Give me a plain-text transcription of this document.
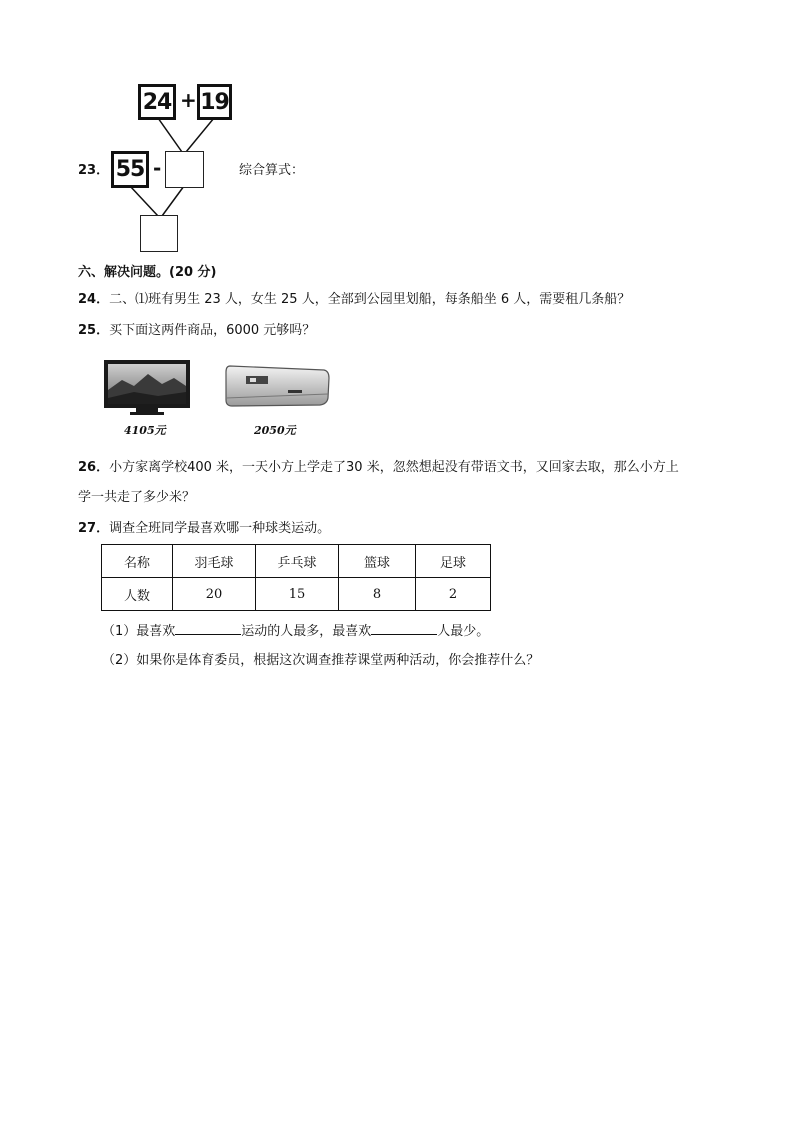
24 + 19
23． 55 -	综合算式：
六、解决问题。(20 分)
24．二、⑴班有男生 23 人，女生 25 人，全部到公园里划船，每条船坐 6 人，需要租几条船？
25．买下面这两件商品，6000 元够吗？
4105元	2050元
26．小方家离学校400 米，一天小方上学走了30 米，忽然想起没有带语文书，又回家去取，那么小方上
学一共走了多少米？
27．调查全班同学最喜欢哪一种球类运动。
名称	羽毛球	乒乓球	篮球	足球
人数	20	15	8	2
（1）最喜欢	运动的人最多，最喜欢	人最少。
（2）如果你是体育委员，根据这次调查推荐课堂两种活动，你会推荐什么？
